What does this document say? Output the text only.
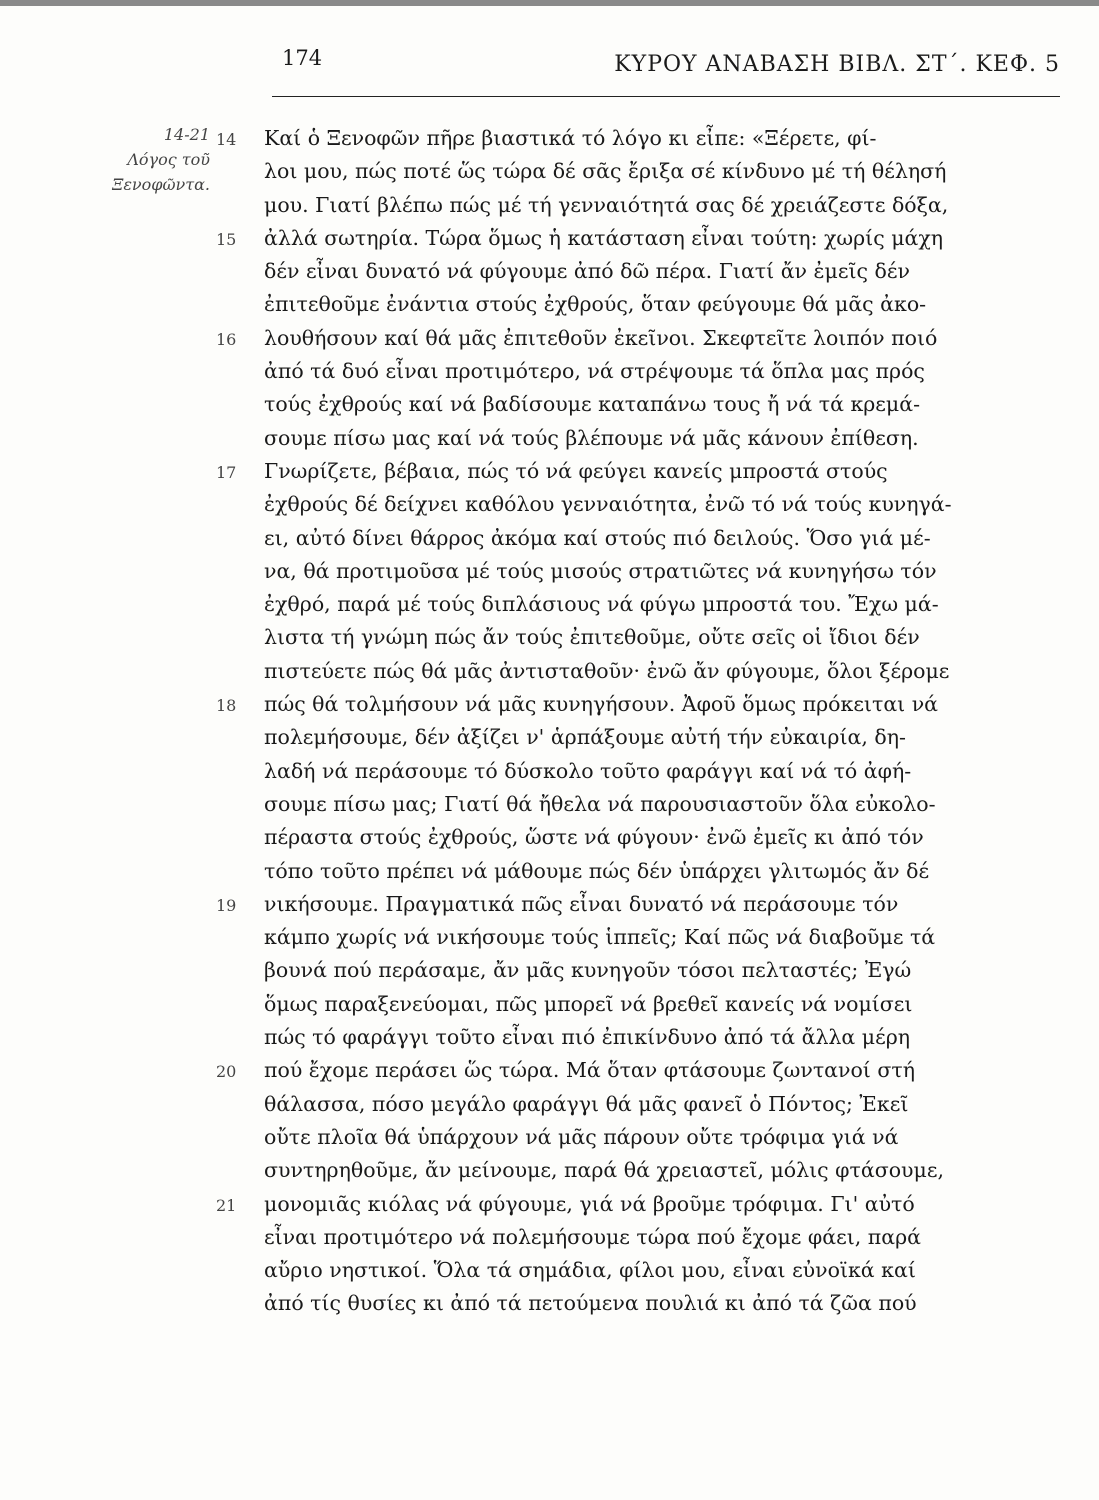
174	ΚΥΡΟΥ ΑΝΑΒΑΣΗ ΒΙΒΛ. ΣΤ΄. ΚΕΦ. 5
14-21
Λόγος τοῦ
Ξενοφῶντα.
14	Καί ὁ Ξενοφῶν πῆρε βιαστικά τό λόγο κι εἶπε: «Ξέρετε, φί-
λοι μου, πώς ποτέ ὥς τώρα δέ σᾶς ἔριξα σέ κίνδυνο μέ τή θέλησή
μου. Γιατί βλέπω πώς μέ τή γενναιότητά σας δέ χρειάζεστε δόξα,
15	ἀλλά σωτηρία. Τώρα ὅμως ἡ κατάσταση εἶναι τούτη: χωρίς μάχη
δέν εἶναι δυνατό νά φύγουμε ἀπό δῶ πέρα. Γιατί ἄν ἐμεῖς δέν
ἐπιτεθοῦμε ἐνάντια στούς ἐχθρούς, ὅταν φεύγουμε θά μᾶς ἀκο-
16	λουθήσουν καί θά μᾶς ἐπιτεθοῦν ἐκεῖνοι. Σκεφτεῖτε λοιπόν ποιό
ἀπό τά δυό εἶναι προτιμότερο, νά στρέψουμε τά ὅπλα μας πρός
τούς ἐχθρούς καί νά βαδίσουμε καταπάνω τους ἤ νά τά κρεμά-
σουμε πίσω μας καί νά τούς βλέπουμε νά μᾶς κάνουν ἐπίθεση.
17	Γνωρίζετε, βέβαια, πώς τό νά φεύγει κανείς μπροστά στούς
ἐχθρούς δέ δείχνει καθόλου γενναιότητα, ἐνῶ τό νά τούς κυνηγά-
ει, αὐτό δίνει θάρρος ἀκόμα καί στούς πιό δειλούς. Ὅσο γιά μέ-
να, θά προτιμοῦσα μέ τούς μισούς στρατιῶτες νά κυνηγήσω τόν
ἐχθρό, παρά μέ τούς διπλάσιους νά φύγω μπροστά του. Ἔχω μά-
λιστα τή γνώμη πώς ἄν τούς ἐπιτεθοῦμε, οὔτε σεῖς οἱ ἴδιοι δέν
πιστεύετε πώς θά μᾶς ἀντισταθοῦν· ἐνῶ ἄν φύγουμε, ὅλοι ξέρομε
18	πώς θά τολμήσουν νά μᾶς κυνηγήσουν. Ἀφοῦ ὅμως πρόκειται νά
πολεμήσουμε, δέν ἀξίζει ν' ἁρπάξουμε αὐτή τήν εὐκαιρία, δη-
λαδή νά περάσουμε τό δύσκολο τοῦτο φαράγγι καί νά τό ἀφή-
σουμε πίσω μας; Γιατί θά ἤθελα νά παρουσιαστοῦν ὅλα εὐκολο-
πέραστα στούς ἐχθρούς, ὥστε νά φύγουν· ἐνῶ ἐμεῖς κι ἀπό τόν
τόπο τοῦτο πρέπει νά μάθουμε πώς δέν ὑπάρχει γλιτωμός ἄν δέ
19	νικήσουμε. Πραγματικά πῶς εἶναι δυνατό νά περάσουμε τόν
κάμπο χωρίς νά νικήσουμε τούς ἱππεῖς; Καί πῶς νά διαβοῦμε τά
βουνά πού περάσαμε, ἄν μᾶς κυνηγοῦν τόσοι πελταστές; Ἐγώ
ὅμως παραξενεύομαι, πῶς μπορεῖ νά βρεθεῖ κανείς νά νομίσει
πώς τό φαράγγι τοῦτο εἶναι πιό ἐπικίνδυνο ἀπό τά ἄλλα μέρη
20	πού ἔχομε περάσει ὥς τώρα. Μά ὅταν φτάσουμε ζωντανοί στή
θάλασσα, πόσο μεγάλο φαράγγι θά μᾶς φανεῖ ὁ Πόντος; Ἐκεῖ
οὔτε πλοῖα θά ὑπάρχουν νά μᾶς πάρουν οὔτε τρόφιμα γιά νά
συντηρηθοῦμε, ἄν μείνουμε, παρά θά χρειαστεῖ, μόλις φτάσουμε,
21	μονομιᾶς κιόλας νά φύγουμε, γιά νά βροῦμε τρόφιμα. Γι' αὐτό
εἶναι προτιμότερο νά πολεμήσουμε τώρα πού ἔχομε φάει, παρά
αὔριο νηστικοί. Ὅλα τά σημάδια, φίλοι μου, εἶναι εὐνοϊκά καί
ἀπό τίς θυσίες κι ἀπό τά πετούμενα πουλιά κι ἀπό τά ζῶα πού
